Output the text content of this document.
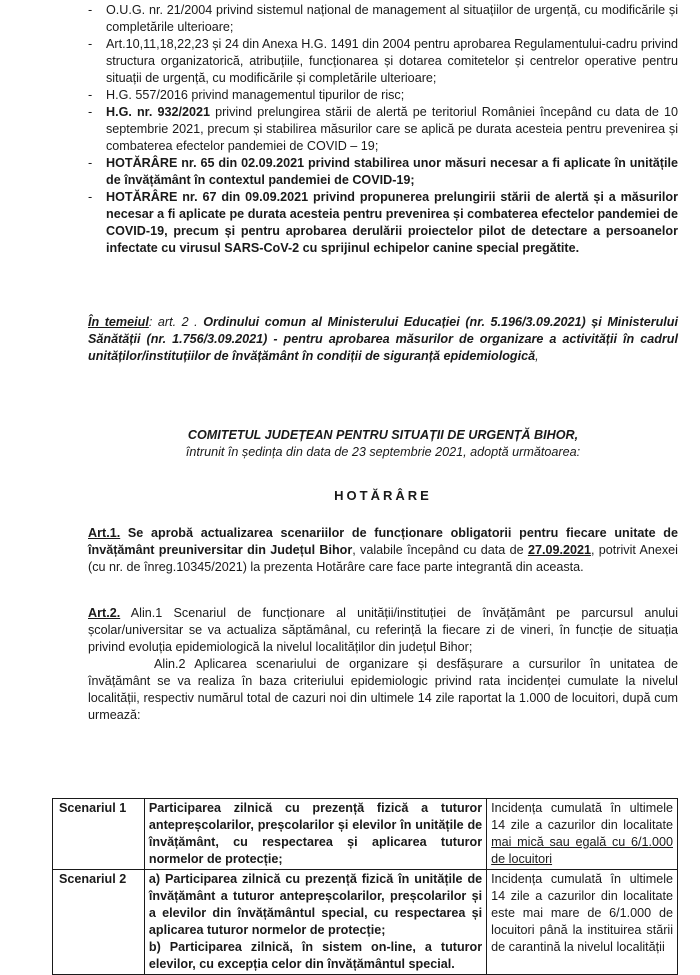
- O.U.G. nr. 21/2004 privind sistemul național de management al situațiilor de urgență, cu modificările și completările ulterioare;
- Art.10,11,18,22,23 și 24 din Anexa H.G. 1491 din 2004 pentru aprobarea Regulamentului-cadru privind structura organizatorică, atribuțiile, funcționarea și dotarea comitetelor și centrelor operative pentru situații de urgență, cu modificările și completările ulterioare;
- H.G. 557/2016 privind managementul tipurilor de risc;
- H.G. nr. 932/2021 privind prelungirea stării de alertă pe teritoriul României începând cu data de 10 septembrie 2021, precum și stabilirea măsurilor care se aplică pe durata acesteia pentru prevenirea și combaterea efectelor pandemiei de COVID – 19;
- HOTĂRÂRE nr. 65 din 02.09.2021 privind stabilirea unor măsuri necesar a fi aplicate în unitățile de învățământ în contextul pandemiei de COVID-19;
- HOTĂRÂRE nr. 67 din 09.09.2021 privind propunerea prelungirii stării de alertă și a măsurilor necesar a fi aplicate pe durata acesteia pentru prevenirea și combaterea efectelor pandemiei de COVID-19, precum și pentru aprobarea derulării proiectelor pilot de detectare a persoanelor infectate cu virusul SARS-CoV-2 cu sprijinul echipelor canine special pregătite.
În temeiul: art. 2 . Ordinului comun al Ministerului Educației (nr. 5.196/3.09.2021) și Ministerului Sănătății (nr. 1.756/3.09.2021) - pentru aprobarea măsurilor de organizare a activității în cadrul unităților/instituțiilor de învățământ în condiții de siguranță epidemiologică,
COMITETUL JUDEȚEAN PENTRU SITUAȚII DE URGENȚĂ BIHOR,
întrunit în ședința din data de 23 septembrie 2021, adoptă următoarea:
HOTĂRÂRE
Art.1. Se aprobă actualizarea scenariilor de funcționare obligatorii pentru fiecare unitate de învățământ preuniversitar din Județul Bihor, valabile începând cu data de 27.09.2021, potrivit Anexei (cu nr. de înreg.10345/2021) la prezenta Hotărâre care face parte integrantă din aceasta.

Art.2. Alin.1 Scenariul de funcționare al unității/instituției de învățământ pe parcursul anului școlar/universitar se va actualiza săptămânal, cu referință la fiecare zi de vineri, în funcție de situația privind evoluția epidemiologică la nivelul localităților din județul Bihor;

Alin.2 Aplicarea scenariului de organizare și desfășurare a cursurilor în unitatea de învățământ se va realiza în baza criteriului epidemiologic privind rata incidenței cumulate la nivelul localității, respectiv numărul total de cazuri noi din ultimele 14 zile raportat la 1.000 de locuitori, după cum urmează:

Scenariul 1	Participarea zilnică cu prezență fizică a tuturor antepreșcolarilor, preșcolarilor și elevilor în unitățile de învățământ, cu respectarea și aplicarea tuturor normelor de protecție;	Incidența cumulată în ultimele 14 zile a cazurilor din localitate mai mică sau egală cu 6/1.000 de locuitori
Scenariul 2	a) Participarea zilnică cu prezență fizică în unitățile de învățământ a tuturor antepreșcolarilor, preșcolarilor și a elevilor din învățământul special, cu respectarea și aplicarea tuturor normelor de protecție;
b) Participarea zilnică, în sistem on-line, a tuturor elevilor, cu excepția celor din învățământul special.	Incidența cumulată în ultimele 14 zile a cazurilor din localitate este mai mare de 6/1.000 de locuitori până la instituirea stării de carantină la nivelul localității
